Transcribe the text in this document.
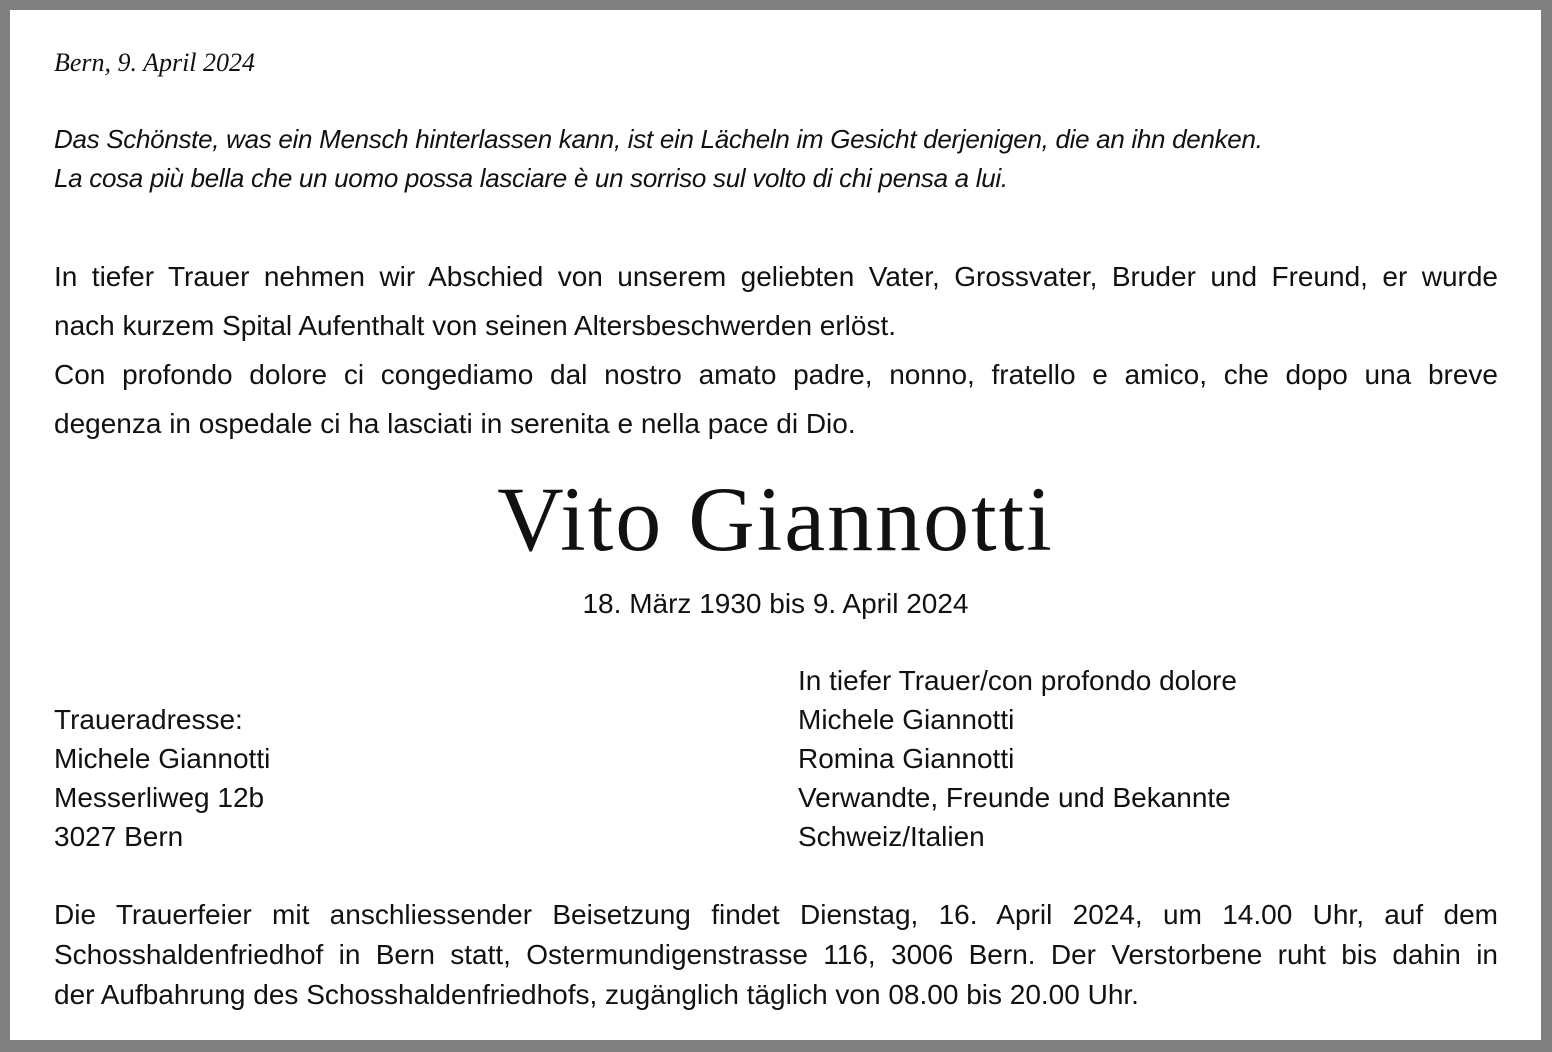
Bern, 9. April 2024
Das Schönste, was ein Mensch hinterlassen kann, ist ein Lächeln im Gesicht derjenigen, die an ihn denken.
La cosa più bella che un uomo possa lasciare è un sorriso sul volto di chi pensa a lui.
In tiefer Trauer nehmen wir Abschied von unserem geliebten Vater, Grossvater, Bruder und Freund, er wurde
nach kurzem Spital Aufenthalt von seinen Altersbeschwerden erlöst.
Con profondo dolore ci congediamo dal nostro amato padre, nonno, fratello e amico, che dopo una breve
degenza in ospedale ci ha lasciati in serenita e nella pace di Dio.
Vito Giannotti
18. März 1930 bis 9. April 2024
Traueradresse:
Michele Giannotti
Messerliweg 12b
3027 Bern
In tiefer Trauer/con profondo dolore
Michele Giannotti
Romina Giannotti
Verwandte, Freunde und Bekannte
Schweiz/Italien
Die Trauerfeier mit anschliessender Beisetzung findet Dienstag, 16. April 2024, um 14.00 Uhr, auf dem
Schosshaldenfriedhof in Bern statt, Ostermundigenstrasse 116, 3006 Bern. Der Verstorbene ruht bis dahin in
der Aufbahrung des Schosshaldenfriedhofs, zugänglich täglich von 08.00 bis 20.00 Uhr.
